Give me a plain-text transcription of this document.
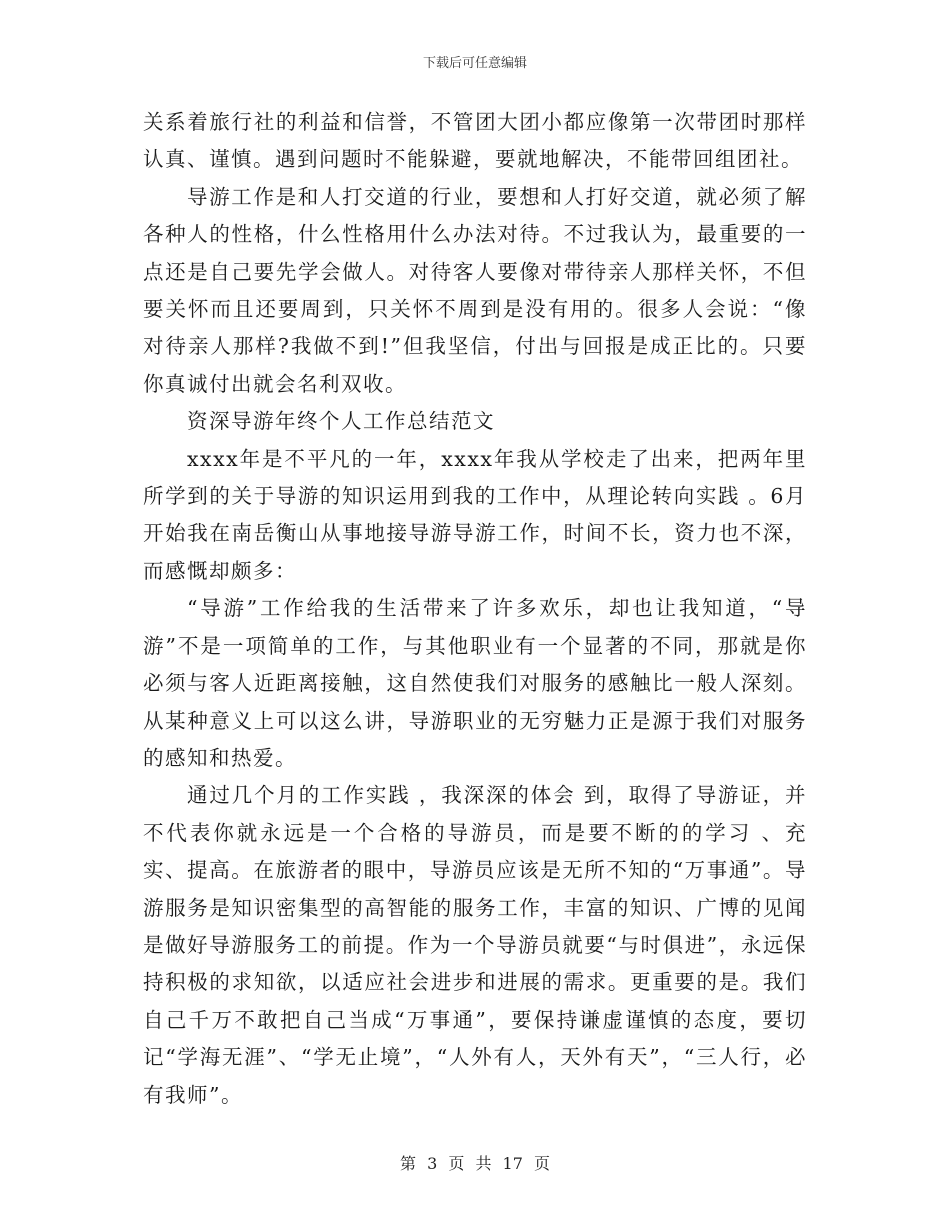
下载后可任意编辑

关系着旅行社的利益和信誉，不管团大团小都应像第一次带团时那样认真、谨慎。遇到问题时不能躲避，要就地解决，不能带回组团社。

导游工作是和人打交道的行业，要想和人打好交道，就必须了解各种人的性格，什么性格用什么办法对待。不过我认为，最重要的一点还是自己要先学会做人。对待客人要像对带待亲人那样关怀，不但要关怀而且还要周到，只关怀不周到是没有用的。很多人会说：“像对待亲人那样?我做不到!”但我坚信，付出与回报是成正比的。只要你真诚付出就会名利双收。

资深导游年终个人工作总结范文

xxxx年是不平凡的一年，xxxx年我从学校走了出来，把两年里所学到的关于导游的知识运用到我的工作中，从理论转向实践 。6月开始我在南岳衡山从事地接导游导游工作，时间不长，资力也不深，而感慨却颇多：

“导游”工作给我的生活带来了许多欢乐，却也让我知道，“导游”不是一项简单的工作，与其他职业有一个显著的不同，那就是你必须与客人近距离接触，这自然使我们对服务的感触比一般人深刻。从某种意义上可以这么讲，导游职业的无穷魅力正是源于我们对服务的感知和热爱。

通过几个月的工作实践 ，我深深的体会 到，取得了导游证，并不代表你就永远是一个合格的导游员，而是要不断的的学习 、充实、提高。在旅游者的眼中，导游员应该是无所不知的“万事通”。导游服务是知识密集型的高智能的服务工作，丰富的知识、广博的见闻是做好导游服务工的前提。作为一个导游员就要“与时俱进”，永远保持积极的求知欲，以适应社会进步和进展的需求。更重要的是。我们自己千万不敢把自己当成“万事通”，要保持谦虚谨慎的态度，要切记“学海无涯”、“学无止境”，“人外有人，天外有天”，“三人行，必有我师”。

第 3 页 共 17 页
